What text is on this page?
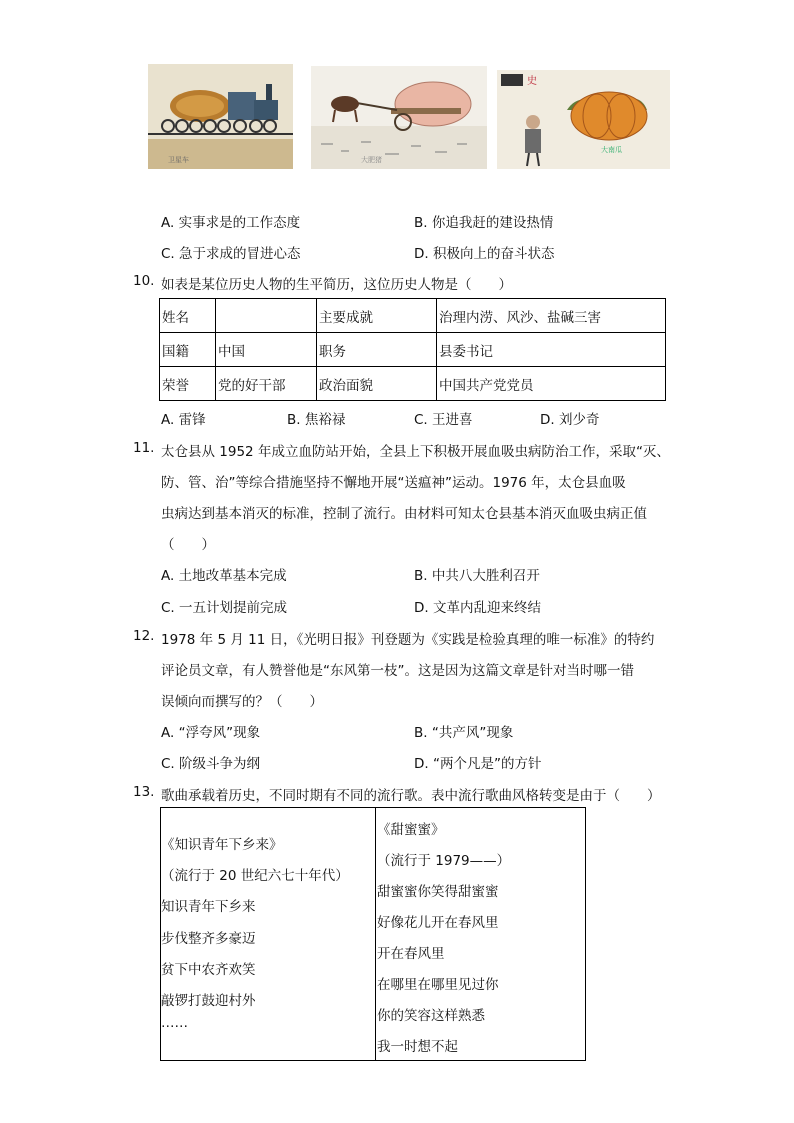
卫星车	大肥猪
史
大南瓜
A. 实事求是的工作态度	B. 你追我赶的建设热情
C. 急于求成的冒进心态	D. 积极向上的奋斗状态
10. 如表是某位历史人物的生平简历，这位历史人物是（　　）
姓名		主要成就	治理内涝、风沙、盐碱三害
国籍	中国	职务	县委书记
荣誉	党的好干部	政治面貌	中国共产党党员
A. 雷锋	B. 焦裕禄	C. 王进喜	D. 刘少奇
11. 太仓县从 1952 年成立血防站开始，全县上下积极开展血吸虫病防治工作，采取“灭、
防、管、治”等综合措施坚持不懈地开展“送瘟神”运动。1976 年，太仓县血吸
虫病达到基本消灭的标准，控制了流行。由材料可知太仓县基本消灭血吸虫病正值
（　　）
A. 土地改革基本完成	B. 中共八大胜利召开
C. 一五计划提前完成	D. 文革内乱迎来终结
12. 1978 年 5 月 11 日，《光明日报》刊登题为《实践是检验真理的唯一标准》的特约
评论员文章，有人赞誉他是“东风第一枝”。这是因为这篇文章是针对当时哪一错
误倾向而撰写的？（　　）
A. “浮夸风”现象	B. “共产风”现象
C. 阶级斗争为纲	D. “两个凡是”的方针
13. 歌曲承载着历史，不同时期有不同的流行歌。表中流行歌曲风格转变是由于（　　）
《知识青年下乡来》
（流行于 20 世纪六七十年代）
知识青年下乡来
步伐整齐多豪迈
贫下中农齐欢笑
敲锣打鼓迎村外
……
《甜蜜蜜》
（流行于 1979——）
甜蜜蜜你笑得甜蜜蜜
好像花儿开在春风里
开在春风里
在哪里在哪里见过你
你的笑容这样熟悉
我一时想不起
